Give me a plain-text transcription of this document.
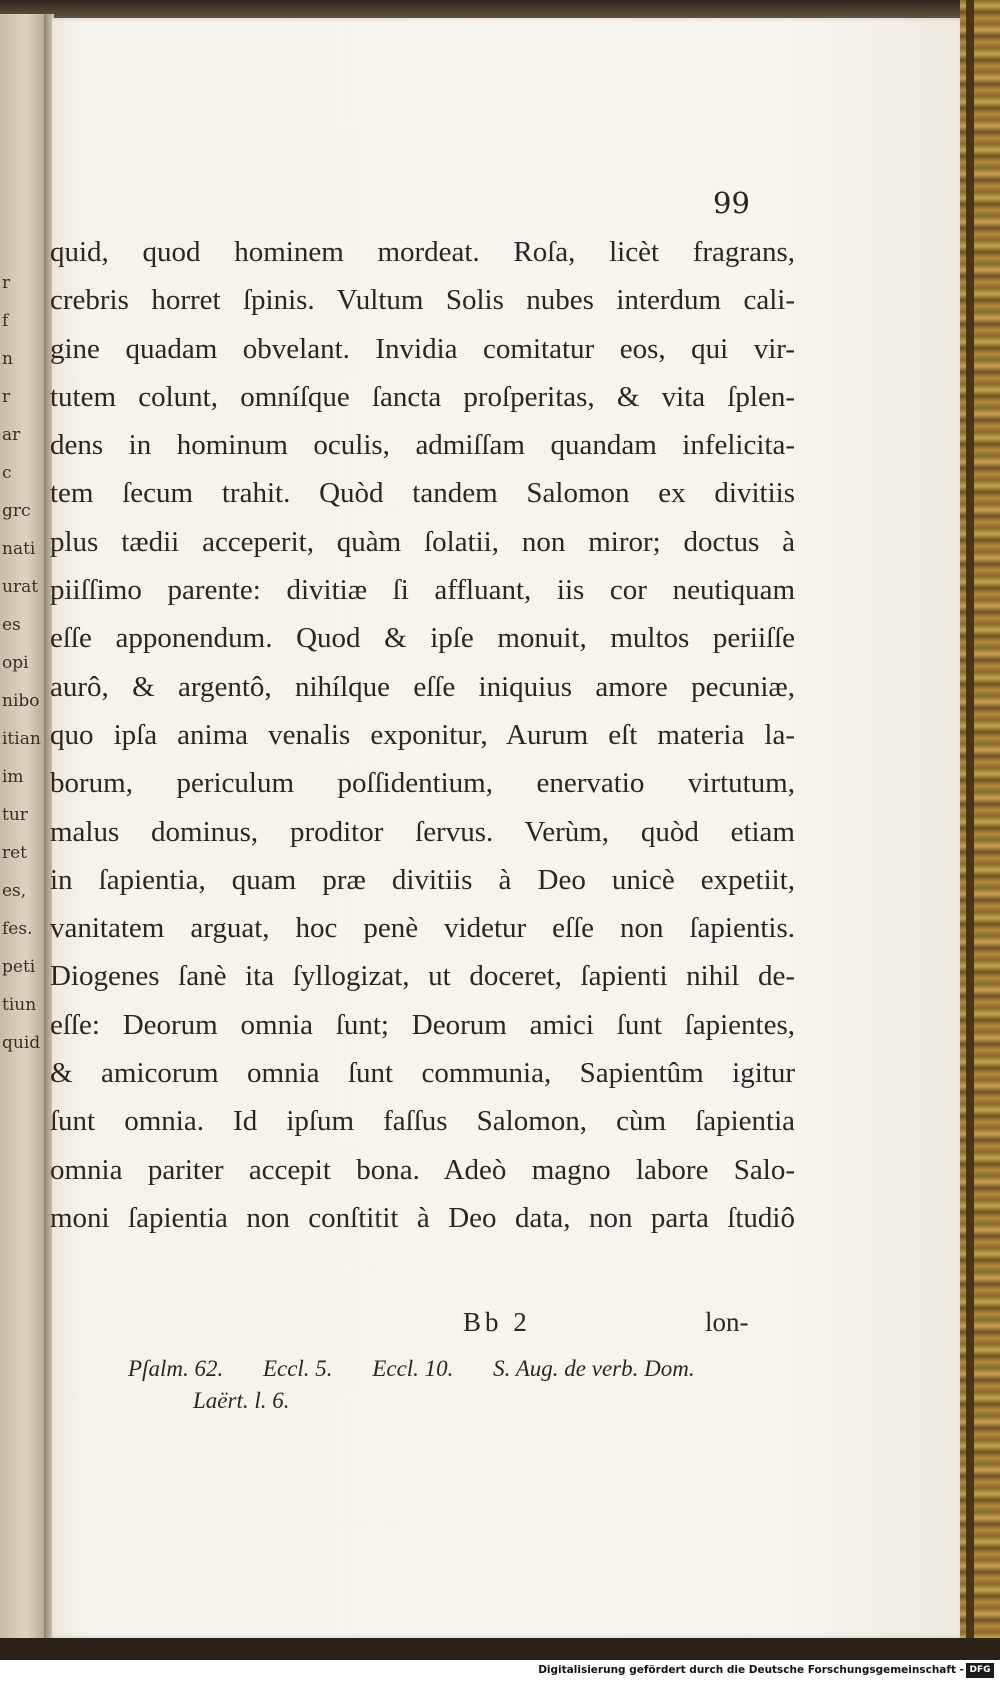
r
f
n
r
ar
c
grc
nati
urat
es
opi
nibo
itian
im
tur
ret
es,
fes.
peti
tiun
quid
99
quid, quod hominem mordeat. Roſa, licèt fragrans,
crebris horret ſpinis. Vultum Solis nubes interdum cali-
gine quadam obvelant. Invidia comitatur eos, qui vir-
tutem colunt, omníſque ſancta proſperitas, & vita ſplen-
dens in hominum oculis, admiſſam quandam infelicita-
tem ſecum trahit. Quòd tandem Salomon ex divitiis
plus tædii acceperit, quàm ſolatii, non miror; doctus à
piiſſimo parente: divitiæ ſi affluant, iis cor neutiquam
eſſe apponendum. Quod & ipſe monuit, multos periiſſe
aurô, & argentô, nihílque eſſe iniquius amore pecuniæ,
quo ipſa anima venalis exponitur, Aurum eſt materia la-
borum, periculum poſſidentium, enervatio virtutum,
malus dominus, proditor ſervus. Verùm, quòd etiam
in ſapientia, quam præ divitiis à Deo unicè expetiit,
vanitatem arguat, hoc penè videtur eſſe non ſapientis.
Diogenes ſanè ita ſyllogizat, ut doceret, ſapienti nihil de-
eſſe: Deorum omnia ſunt; Deorum amici ſunt ſapientes,
& amicorum omnia ſunt communia, Sapientûm igitur
ſunt omnia. Id ipſum faſſus Salomon, cùm ſapientia
omnia pariter accepit bona. Adeò magno labore Salo-
moni ſapientia non conſtitit à Deo data, non parta ſtudiô
Bb 2	lon-
Pſalm. 62. Eccl. 5. Eccl. 10. S. Aug. de verb. Dom.
Laërt. l. 6.
Digitalisierung gefördert durch die Deutsche Forschungsgemeinschaft - DFG
